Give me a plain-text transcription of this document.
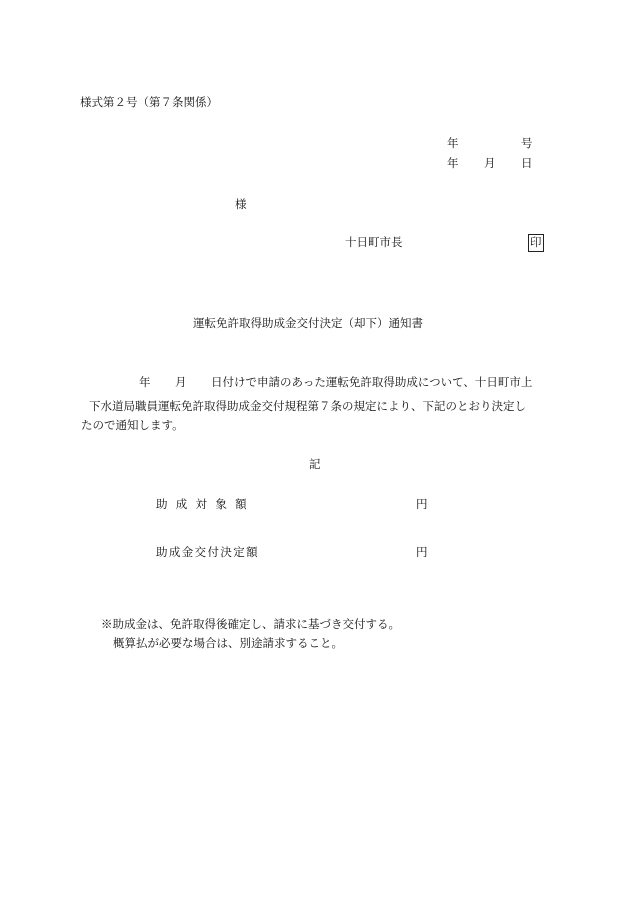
様式第２号（第７条関係）
年	号
年 月 日
様
十日町市長	印
運転免許取得助成金交付決定（却下）通知書
年 月 日付けで申請のあった運転免許取得助成について、十日町市上
下水道局職員運転免許取得助成金交付規程第７条の規定により、下記のとおり決定し
たので通知します。
記
助成対象額	円
助成金交付決定額	円
※助成金は、免許取得後確定し、請求に基づき交付する。
概算払が必要な場合は、別途請求すること。
